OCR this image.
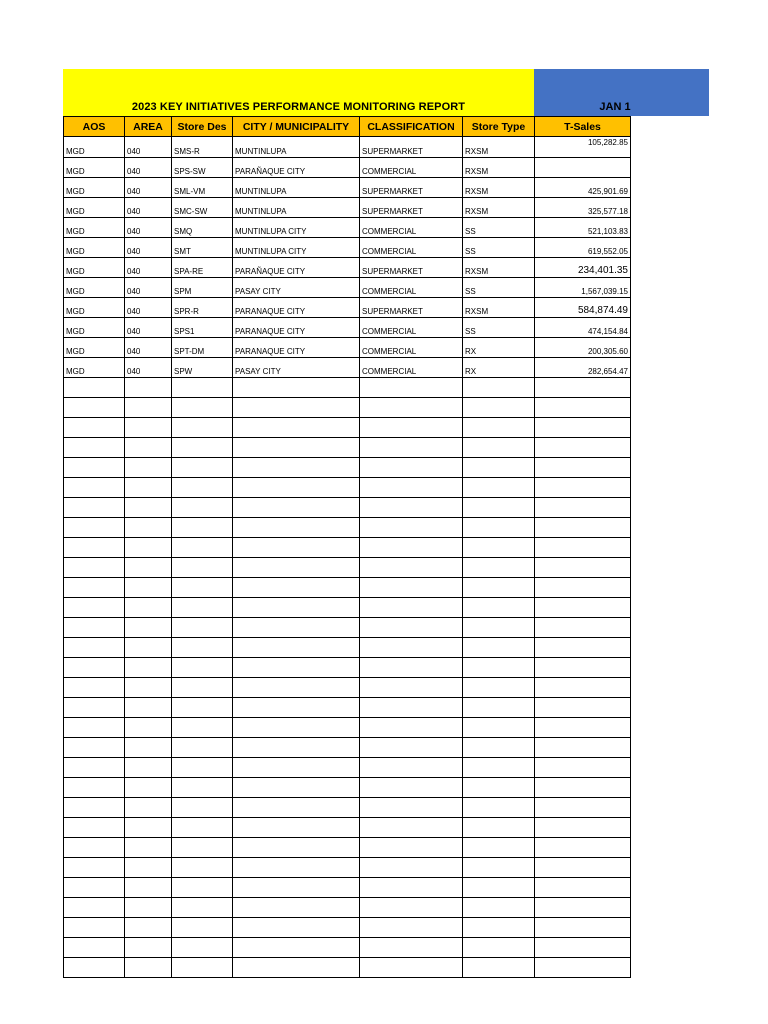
2023 KEY INITIATIVES PERFORMANCE MONITORING REPORT	JAN 1
AOS	AREA	Store Des	CITY / MUNICIPALITY	CLASSIFICATION	Store Type	T-Sales
MGD	040	SMS-R	MUNTINLUPA	SUPERMARKET	RXSM	105,282.85
MGD	040	SPS-SW	PARAÑAQUE CITY	COMMERCIAL	RXSM	
MGD	040	SML-VM	MUNTINLUPA	SUPERMARKET	RXSM	425,901.69
MGD	040	SMC-SW	MUNTINLUPA	SUPERMARKET	RXSM	325,577.18
MGD	040	SMQ	MUNTINLUPA CITY	COMMERCIAL	SS	521,103.83
MGD	040	SMT	MUNTINLUPA CITY	COMMERCIAL	SS	619,552.05
MGD	040	SPA-RE	PARAÑAQUE CITY	SUPERMARKET	RXSM	234,401.35
MGD	040	SPM	PASAY CITY	COMMERCIAL	SS	1,567,039.15
MGD	040	SPR-R	PARANAQUE CITY	SUPERMARKET	RXSM	584,874.49
MGD	040	SPS1	PARANAQUE CITY	COMMERCIAL	SS	474,154.84
MGD	040	SPT-DM	PARANAQUE CITY	COMMERCIAL	RX	200,305.60
MGD	040	SPW	PASAY CITY	COMMERCIAL	RX	282,654.47
